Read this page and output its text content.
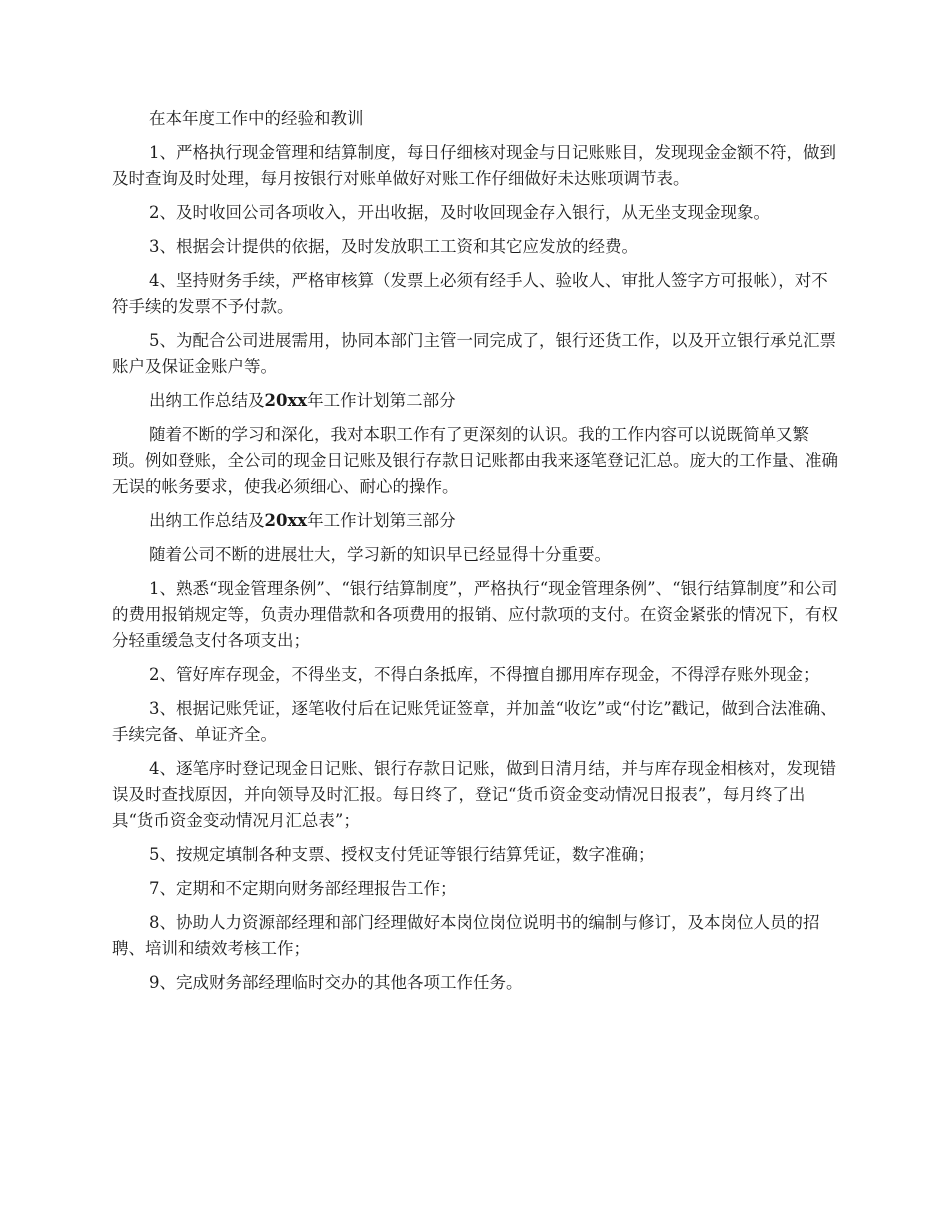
在本年度工作中的经验和教训

1、严格执行现金管理和结算制度，每日仔细核对现金与日记账账目，发现现金金额不符，做到及时查询及时处理，每月按银行对账单做好对账工作仔细做好未达账项调节表。

2、及时收回公司各项收入，开出收据，及时收回现金存入银行，从无坐支现金现象。

3、根据会计提供的依据，及时发放职工工资和其它应发放的经费。

4、坚持财务手续，严格审核算（发票上必须有经手人、验收人、审批人签字方可报帐），对不符手续的发票不予付款。

5、为配合公司进展需用，协同本部门主管一同完成了，银行还货工作，以及开立银行承兑汇票账户及保证金账户等。

出纳工作总结及20xx年工作计划第二部分

随着不断的学习和深化，我对本职工作有了更深刻的认识。我的工作内容可以说既简单又繁琐。例如登账，全公司的现金日记账及银行存款日记账都由我来逐笔登记汇总。庞大的工作量、准确无误的帐务要求，使我必须细心、耐心的操作。

出纳工作总结及20xx年工作计划第三部分

随着公司不断的进展壮大，学习新的知识早已经显得十分重要。

1、熟悉“现金管理条例”、“银行结算制度”，严格执行“现金管理条例”、“银行结算制度”和公司的费用报销规定等，负责办理借款和各项费用的报销、应付款项的支付。在资金紧张的情况下，有权分轻重缓急支付各项支出；

2、管好库存现金，不得坐支，不得白条抵库，不得擅自挪用库存现金，不得浮存账外现金；

3、根据记账凭证，逐笔收付后在记账凭证签章，并加盖“收讫”或“付讫”戳记，做到合法准确、手续完备、单证齐全。

4、逐笔序时登记现金日记账、银行存款日记账，做到日清月结，并与库存现金相核对，发现错误及时查找原因，并向领导及时汇报。每日终了，登记“货币资金变动情况日报表”，每月终了出具“货币资金变动情况月汇总表”；

5、按规定填制各种支票、授权支付凭证等银行结算凭证，数字准确；

7、定期和不定期向财务部经理报告工作；

8、协助人力资源部经理和部门经理做好本岗位岗位说明书的编制与修订，及本岗位人员的招聘、培训和绩效考核工作；

9、完成财务部经理临时交办的其他各项工作任务。
